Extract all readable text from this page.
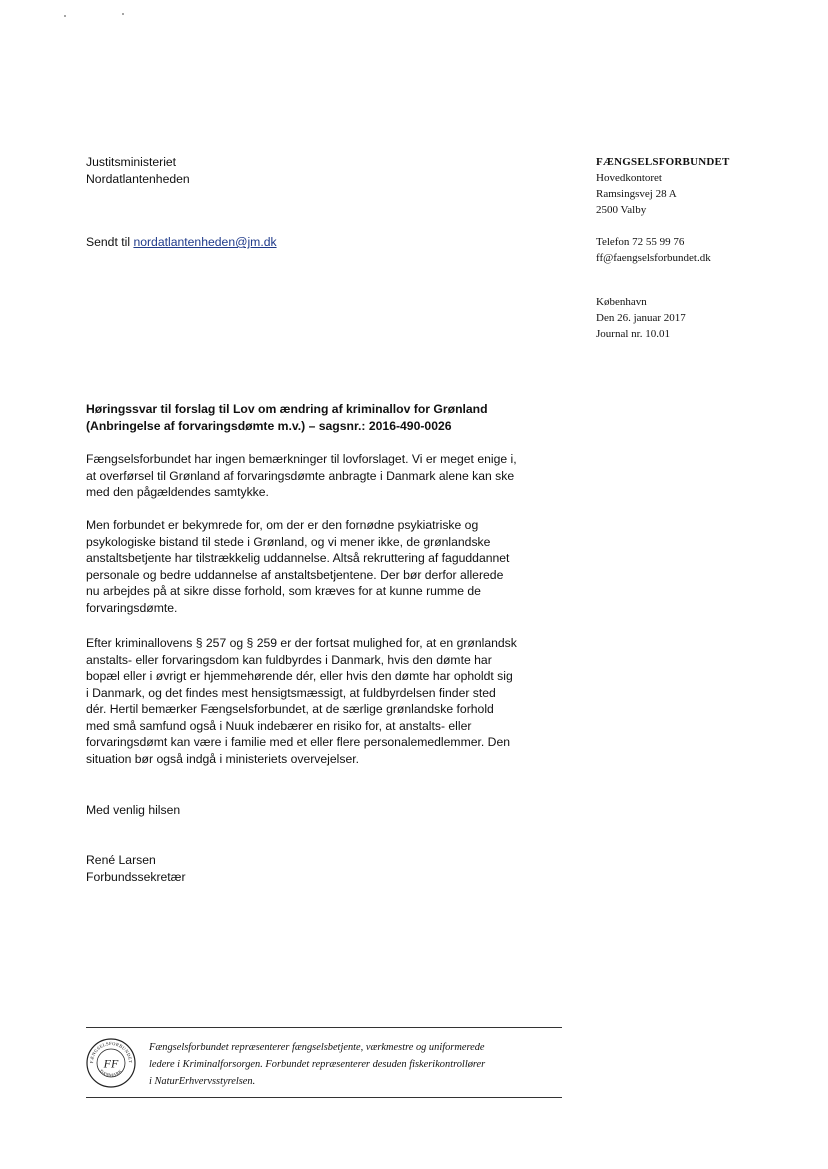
Justitsministeriet
Nordatlantenheden
Sendt til nordatlantenheden@jm.dk
FÆNGSELSFORBUNDET
Hovedkontoret
Ramsingsvej 28 A
2500 Valby
Telefon 72 55 99 76
ff@faengselsforbundet.dk
København
Den 26. januar 2017
Journal nr. 10.01
Høringssvar til forslag til Lov om ændring af kriminallov for Grønland
(Anbringelse af forvaringsdømte m.v.) – sagsnr.: 2016-490-0026
Fængselsforbundet har ingen bemærkninger til lovforslaget. Vi er meget enige i,
at overførsel til Grønland af forvaringsdømte anbragte i Danmark alene kan ske
med den pågældendes samtykke.
Men forbundet er bekymrede for, om der er den fornødne psykiatriske og
psykologiske bistand til stede i Grønland, og vi mener ikke, de grønlandske
anstaltsbetjente har tilstrækkelig uddannelse. Altså rekruttering af faguddannet
personale og bedre uddannelse af anstaltsbetjentene. Der bør derfor allerede
nu arbejdes på at sikre disse forhold, som kræves for at kunne rumme de
forvaringsdømte.
Efter kriminallovens § 257 og § 259 er der fortsat mulighed for, at en grønlandsk
anstalts- eller forvaringsdom kan fuldbyrdes i Danmark, hvis den dømte har
bopæl eller i øvrigt er hjemmehørende dér, eller hvis den dømte har opholdt sig
i Danmark, og det findes mest hensigtsmæssigt, at fuldbyrdelsen finder sted
dér. Hertil bemærker Fængselsforbundet, at de særlige grønlandske forhold
med små samfund også i Nuuk indebærer en risiko for, at anstalts- eller
forvaringsdømt kan være i familie med et eller flere personalemedlemmer. Den
situation bør også indgå i ministeriets overvejelser.
Med venlig hilsen
René Larsen
Forbundssekretær
FÆNGSELSFORBUNDET
DANMARK
FF
Fængselsforbundet repræsenterer fængselsbetjente, værkmestre og uniformerede
ledere i Kriminalforsorgen. Forbundet repræsenterer desuden fiskerikontrollører
i NaturErhvervsstyrelsen.
